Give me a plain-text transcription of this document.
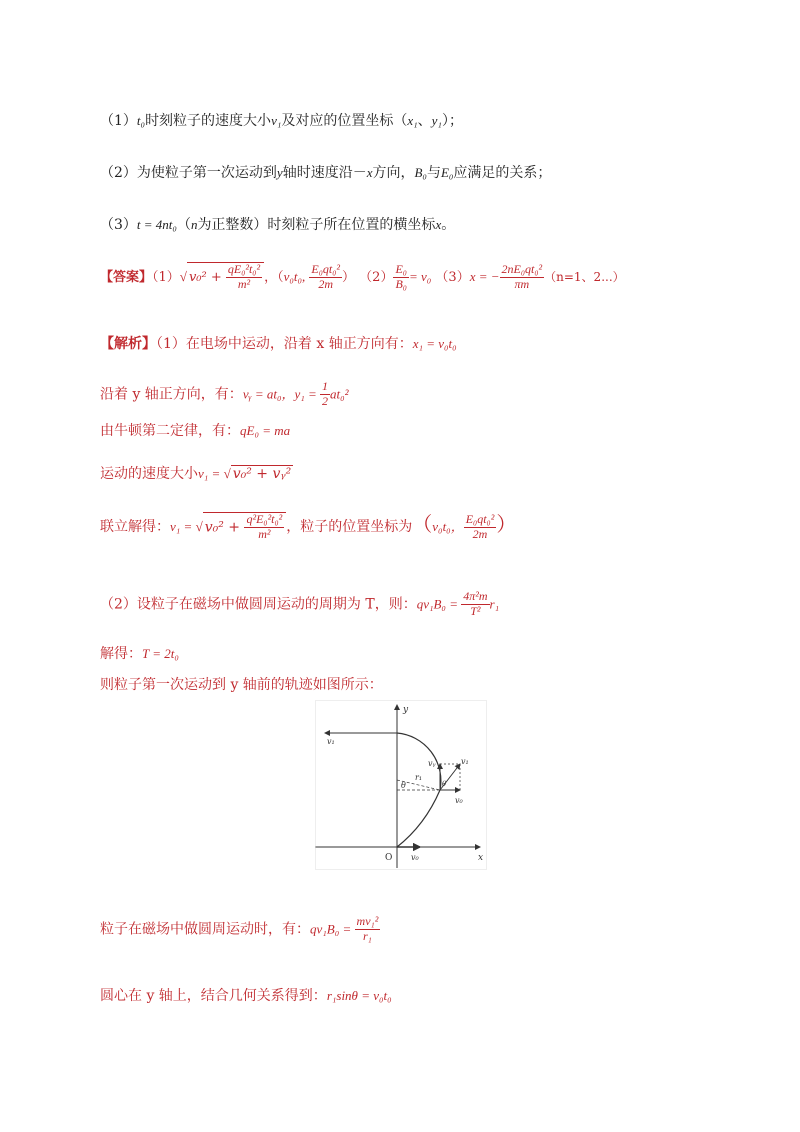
（1）t₀时刻粒子的速度大小v₁及对应的位置坐标（x₁、y₁）；
（2）为使粒子第一次运动到y轴时速度沿－x方向，B₀与E₀应满足的关系；
（3）t = 4nt₀（n为正整数）时刻粒子所在位置的横坐标x。
【答案】（1）√ $v_0^2 + \frac{\text{qE₀²t₀²}}{\text{m²}}$ ，（v₀t₀, $\frac{\text{E₀qt₀²}}{2m}$ ） $(2) \frac{\text{E₀}}{\text{B₀}} = v_0$ （3）x = − $\frac{\text{2nE₀qt₀²}}{\pi m} (n=1$、2...）
【解析】（1）在电场中运动，沿着 x 轴正方向有：x₁ = v₀t₀
沿着 y 轴正方向，有：vᵧ = at₀，$y_1 = \frac{1}{2} at_0^2$
由牛顿第二定律，有：qE₀ = ma
运动的速度大小v₁ = √ v₀² + vᵧ²
联立解得：v₁ = √ $v_0^2 + \frac{\text{q²E₀²t₀²}}{\text{m²}}$ ，粒子的位置坐标为（v₀t₀， $\frac{\text{E₀qt₀²}}{2m}$ ）
（2）设粒子在磁场中做圆周运动的周期为 T，则：$qv_1B_0 = \frac{\text{4π²m}}{\text{T²}} r_1$
解得：T = 2t₀
则粒子第一次运动到 y 轴前的轨迹如图所示：
y
x
O
v₁
v₁
vᵧ
v₀
θ
r₁
θ
v₀
粒子在磁场中做圆周运动时，有：$qv_1B_0 = \frac{\text{mv₁²}}{\text{r₁}}$
圆心在 y 轴上，结合几何关系得到：r₁sinθ = v₀t₀
